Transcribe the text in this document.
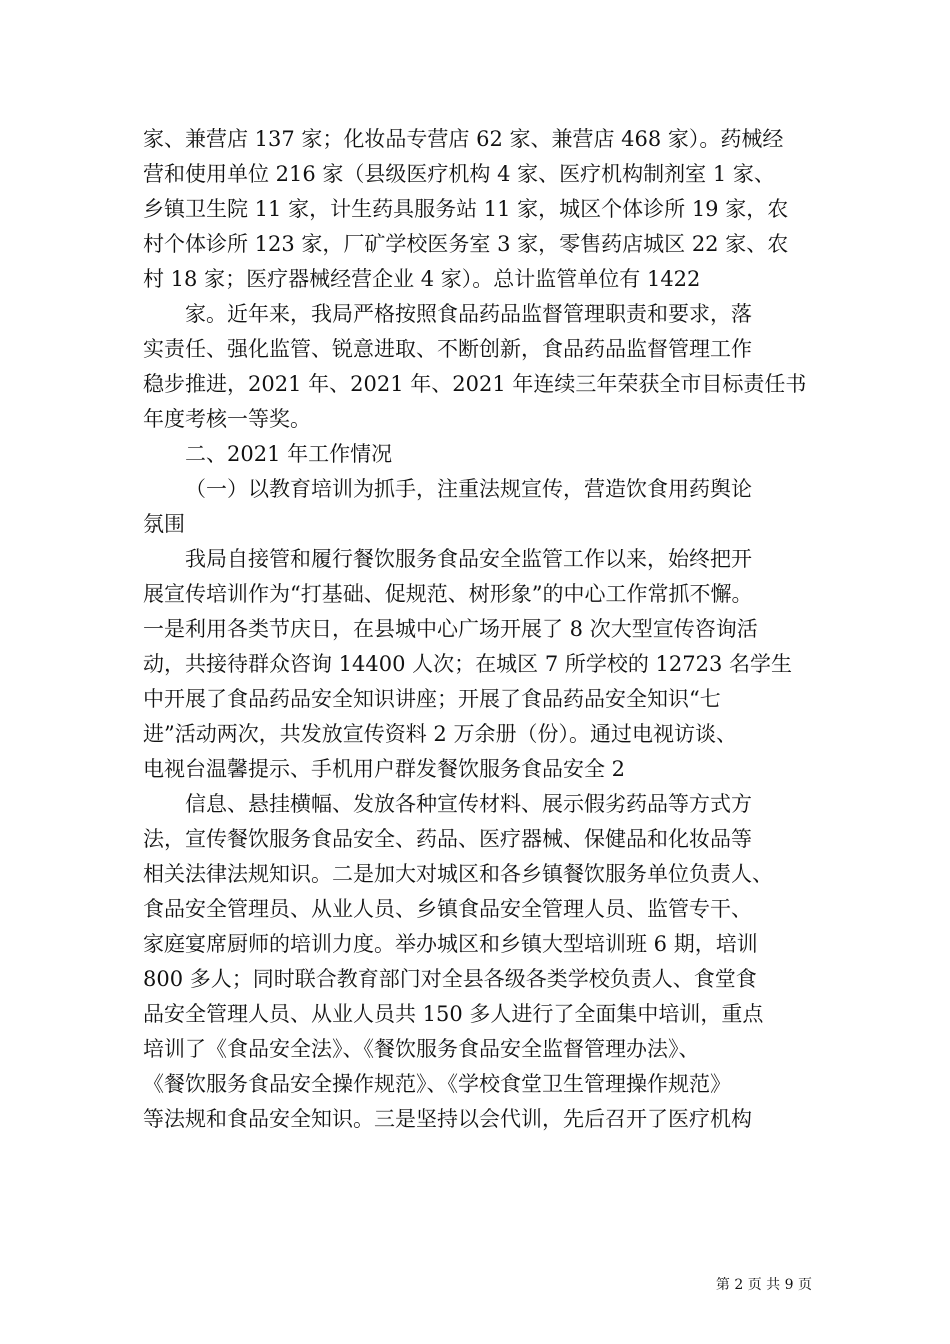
家、兼营店 137 家；化妆品专营店 62 家、兼营店 468 家）。药械经
营和使用单位 216 家（县级医疗机构 4 家、医疗机构制剂室 1 家、
乡镇卫生院 11 家，计生药具服务站 11 家，城区个体诊所 19 家，农
村个体诊所 123 家，厂矿学校医务室 3 家，零售药店城区 22 家、农
村 18 家；医疗器械经营企业 4 家）。总计监管单位有 1422
家。近年来，我局严格按照食品药品监督管理职责和要求，落
实责任、强化监管、锐意进取、不断创新，食品药品监督管理工作
稳步推进，2021 年、2021 年、2021 年连续三年荣获全市目标责任书
年度考核一等奖。
二、2021 年工作情况
（一）以教育培训为抓手，注重法规宣传，营造饮食用药舆论
氛围
我局自接管和履行餐饮服务食品安全监管工作以来，始终把开
展宣传培训作为“打基础、促规范、树形象”的中心工作常抓不懈。
一是利用各类节庆日，在县城中心广场开展了 8 次大型宣传咨询活
动，共接待群众咨询 14400 人次；在城区 7 所学校的 12723 名学生
中开展了食品药品安全知识讲座；开展了食品药品安全知识“七
进”活动两次，共发放宣传资料 2 万余册（份）。通过电视访谈、
电视台温馨提示、手机用户群发餐饮服务食品安全 2
信息、悬挂横幅、发放各种宣传材料、展示假劣药品等方式方
法，宣传餐饮服务食品安全、药品、医疗器械、保健品和化妆品等
相关法律法规知识。二是加大对城区和各乡镇餐饮服务单位负责人、
食品安全管理员、从业人员、乡镇食品安全管理人员、监管专干、
家庭宴席厨师的培训力度。举办城区和乡镇大型培训班 6 期，培训
800 多人；同时联合教育部门对全县各级各类学校负责人、食堂食
品安全管理人员、从业人员共 150 多人进行了全面集中培训，重点
培训了《食品安全法》、《餐饮服务食品安全监督管理办法》、
《餐饮服务食品安全操作规范》、《学校食堂卫生管理操作规范》
等法规和食品安全知识。三是坚持以会代训，先后召开了医疗机构
第 2 页 共 9 页
